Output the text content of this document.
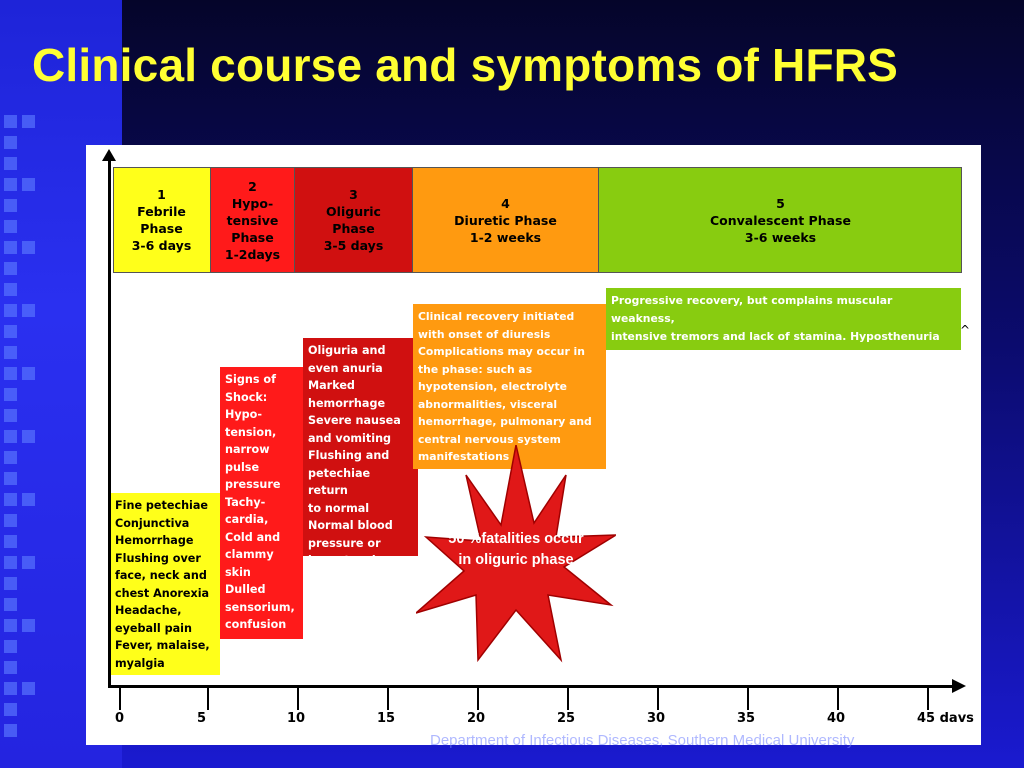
Clinical course and symptoms of HFRS
1
Febrile
Phase
3-6 days
2
Hypo-
tensive
Phase
1-2days
3
Oliguric
Phase
3-5 days
4
Diuretic Phase
1-2 weeks
5
Convalescent Phase
3-6 weeks
Fine petechiae
Conjunctiva
Hemorrhage
Flushing over
face, neck and
chest Anorexia
Headache,
eyeball pain
Fever, malaise,
myalgia
Signs of
Shock:
Hypo-
tension,
narrow
pulse
pressure
Tachy-
cardia,
Cold and
clammy
skin
Dulled
sensorium,
confusion
Oliguria and
even anuria
Marked
hemorrhage
Severe nausea
and vomiting
Flushing and
petechiae return
to normal
Normal blood
pressure or
hypertension
Clinical recovery initiated
with onset of diuresis
Complications may occur in
the phase: such as
hypotension, electrolyte
abnormalities, visceral
hemorrhage, pulmonary and
central nervous system
manifestations
Progressive recovery, but complains muscular weakness,
intensive tremors and lack of stamina. Hyposthenuria and
polyuria are present but usually disappear with 2 months
^
50 %fatalities occur
in oliguric phase
0	5	10	15	20	25	30	35	40	45 davs
Department of Infectious Diseases, Southern Medical University
